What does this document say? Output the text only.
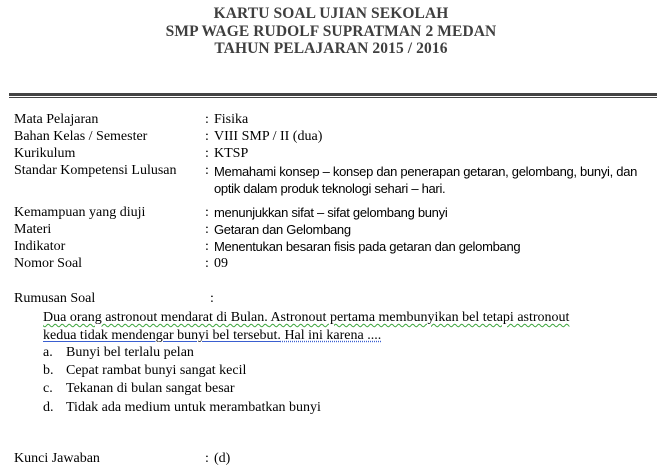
KARTU SOAL UJIAN SEKOLAH
SMP WAGE RUDOLF SUPRATMAN 2 MEDAN
TAHUN PELAJARAN 2015 / 2016
Mata Pelajaran	: Fisika
Bahan Kelas / Semester	: VIII SMP / II (dua)
Kurikulum	: KTSP
Standar Kompetensi Lulusan : Memahami konsep – konsep dan penerapan getaran, gelombang, bunyi, dan optik dalam produk teknologi sehari – hari.
Kemampuan yang diuji	: menunjukkan sifat – sifat gelombang bunyi
Materi	: Getaran dan Gelombang
Indikator	: Menentukan besaran fisis pada getaran dan gelombang
Nomor Soal	: 09
Rumusan Soal	:
Dua orang astronout mendarat di Bulan. Astronout pertama membunyikan bel tetapi astronout
kedua tidak mendengar bunyi bel tersebut. Hal ini karena ....
a. Bunyi bel terlalu pelan
b. Cepat rambat bunyi sangat kecil
c. Tekanan di bulan sangat besar
d. Tidak ada medium untuk merambatkan bunyi
Kunci Jawaban	: (d)
